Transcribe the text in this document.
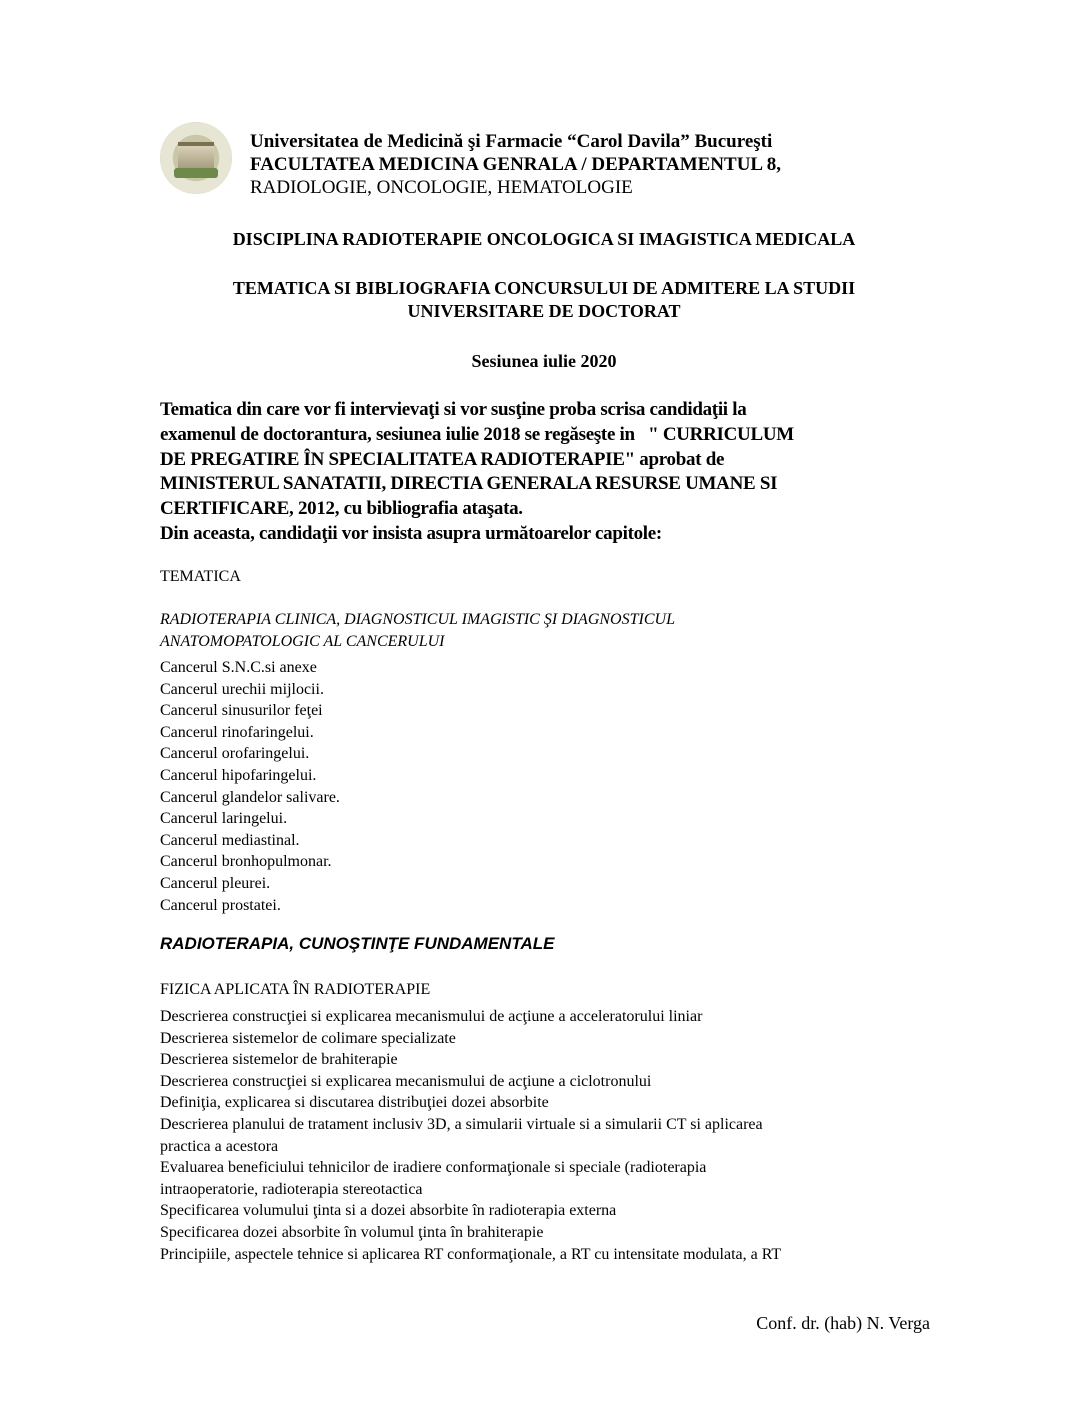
Universitatea de Medicină şi Farmacie “Carol Davila” Bucureşti
FACULTATEA MEDICINA GENRALA / DEPARTAMENTUL 8,
RADIOLOGIE, ONCOLOGIE, HEMATOLOGIE
DISCIPLINA RADIOTERAPIE ONCOLOGICA SI IMAGISTICA MEDICALA
TEMATICA SI BIBLIOGRAFIA CONCURSULUI DE ADMITERE LA STUDII
UNIVERSITARE DE DOCTORAT
Sesiunea iulie 2020
Tematica din care vor fi intervievaţi si vor susţine proba scrisa candidaţii la
examenul de doctorantura, sesiunea iulie 2018 se regăseşte in   " CURRICULUM
DE PREGATIRE ÎN SPECIALITATEA RADIOTERAPIE" aprobat de
MINISTERUL SANATATII, DIRECTIA GENERALA RESURSE UMANE SI
CERTIFICARE, 2012, cu bibliografia ataşata.
Din aceasta, candidaţii vor insista asupra următoarelor capitole:
TEMATICA
RADIOTERAPIA CLINICA, DIAGNOSTICUL IMAGISTIC ŞI DIAGNOSTICUL
ANATOMOPATOLOGIC AL CANCERULUI
Cancerul S.N.C.si anexe
Cancerul urechii mijlocii.
Cancerul sinusurilor feţei
Cancerul rinofaringelui.
Cancerul orofaringelui.
Cancerul hipofaringelui.
Cancerul glandelor salivare.
Cancerul laringelui.
Cancerul mediastinal.
Cancerul bronhopulmonar.
Cancerul pleurei.
Cancerul prostatei.
RADIOTERAPIA, CUNOŞTINŢE FUNDAMENTALE
FIZICA APLICATA ÎN RADIOTERAPIE
Descrierea construcţiei si explicarea mecanismului de acţiune a acceleratorului liniar
Descrierea sistemelor de colimare specializate
Descrierea sistemelor de brahiterapie
Descrierea construcţiei si explicarea mecanismului de acţiune a ciclotronului
Definiţia, explicarea si discutarea distribuţiei dozei absorbite
Descrierea planului de tratament inclusiv 3D, a simularii virtuale si a simularii CT si aplicarea
practica a acestora
Evaluarea beneficiului tehnicilor de iradiere conformaţionale si speciale (radioterapia
intraoperatorie, radioterapia stereotactica
Specificarea volumului ţinta si a dozei absorbite în radioterapia externa
Specificarea dozei absorbite în volumul ţinta în brahiterapie
Principiile, aspectele tehnice si aplicarea RT conformaţionale, a RT cu intensitate modulata, a RT
Conf. dr. (hab) N. Verga
